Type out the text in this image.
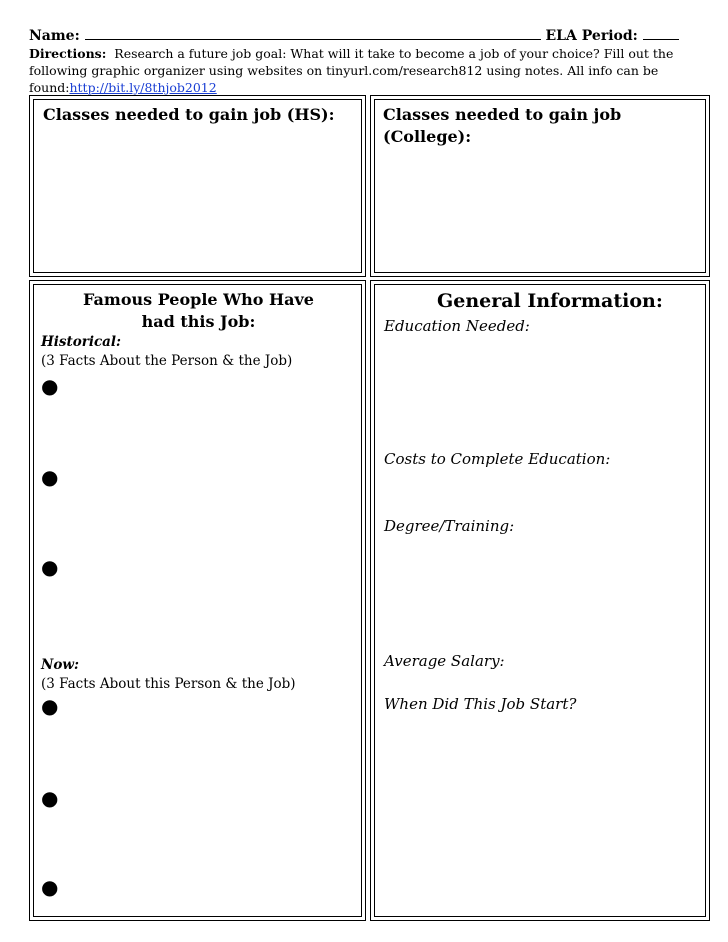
Name:	ELA Period:
Directions: Research a future job goal: What will it take to become a job of your choice? Fill out the
following graphic organizer using websites on tinyurl.com/research812 using notes. All info can be
found:http://bit.ly/8thjob2012
Classes needed to gain job (HS):	Classes needed to gain job
(College):
Famous People Who Have
had this Job:
Historical:
(3 Facts About the Person & the Job)
●
●
●
Now:
(3 Facts About this Person & the Job)
●
●
●
General Information:
Education Needed:
Costs to Complete Education:
Degree/Training:
Average Salary:
When Did This Job Start?
